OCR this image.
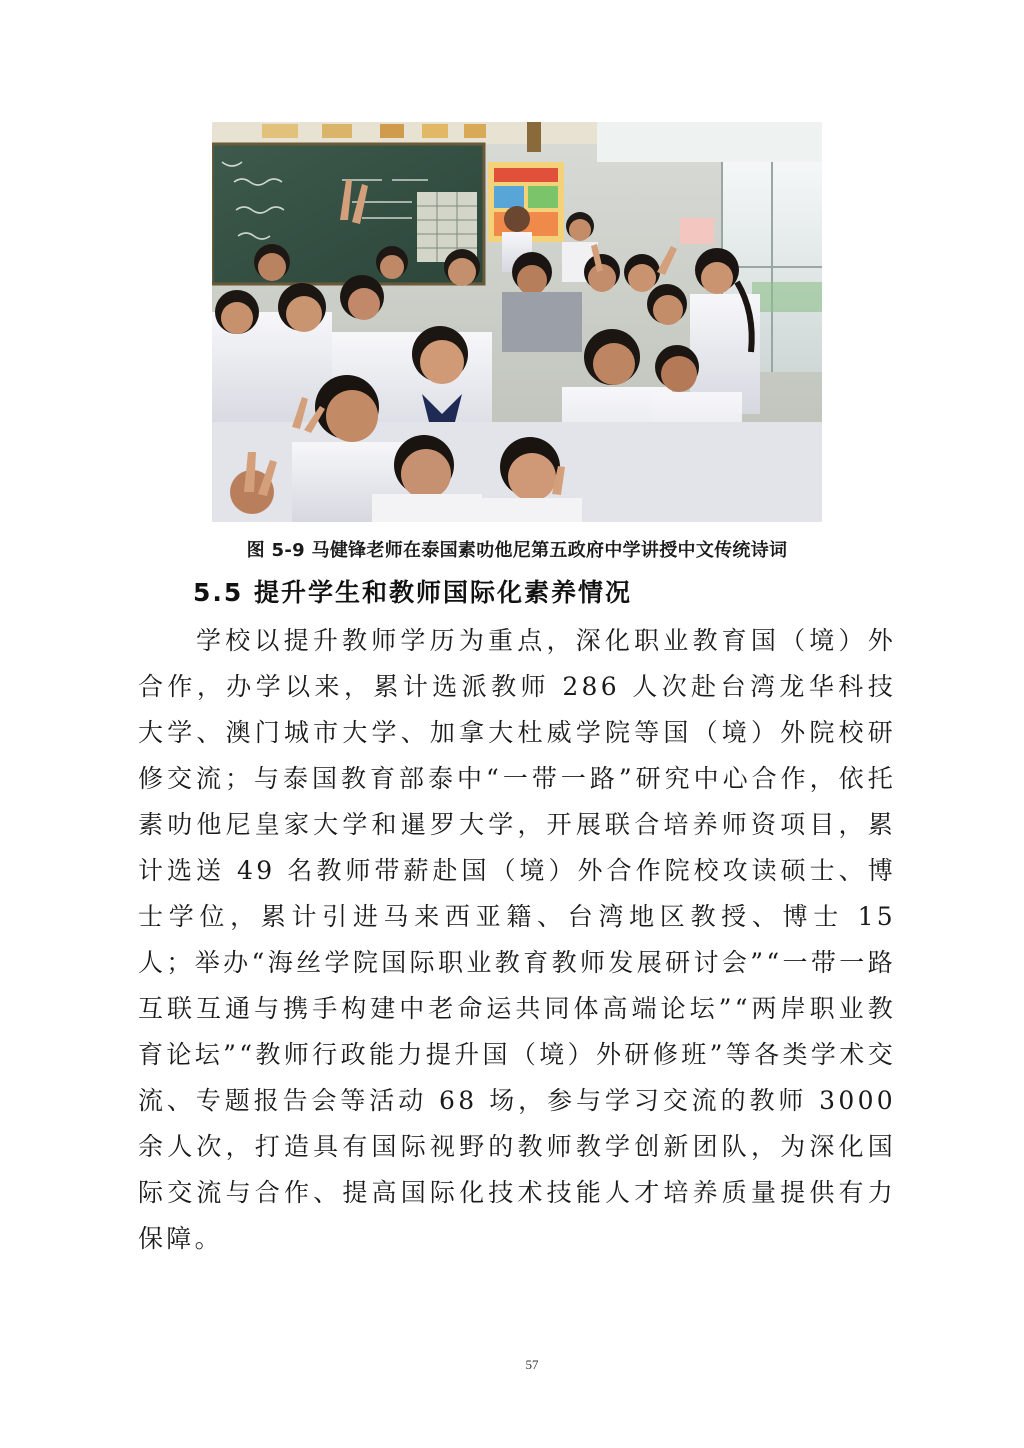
图 5-9 马健锋老师在泰国素叻他尼第五政府中学讲授中文传统诗词
5.5 提升学生和教师国际化素养情况

学校以提升教师学历为重点，深化职业教育国（境）外合作，办学以来，累计选派教师 286 人次赴台湾龙华科技大学、澳门城市大学、加拿大杜威学院等国（境）外院校研修交流；与泰国教育部泰中“一带一路”研究中心合作，依托素叻他尼皇家大学和暹罗大学，开展联合培养师资项目，累计选送 49 名教师带薪赴国（境）外合作院校攻读硕士、博士学位，累计引进马来西亚籍、台湾地区教授、博士 15 人；举办“海丝学院国际职业教育教师发展研讨会”“一带一路互联互通与携手构建中老命运共同体高端论坛”“两岸职业教育论坛”“教师行政能力提升国（境）外研修班”等各类学术交流、专题报告会等活动 68 场，参与学习交流的教师 3000 余人次，打造具有国际视野的教师教学创新团队，为深化国际交流与合作、提高国际化技术技能人才培养质量提供有力保障。

57
